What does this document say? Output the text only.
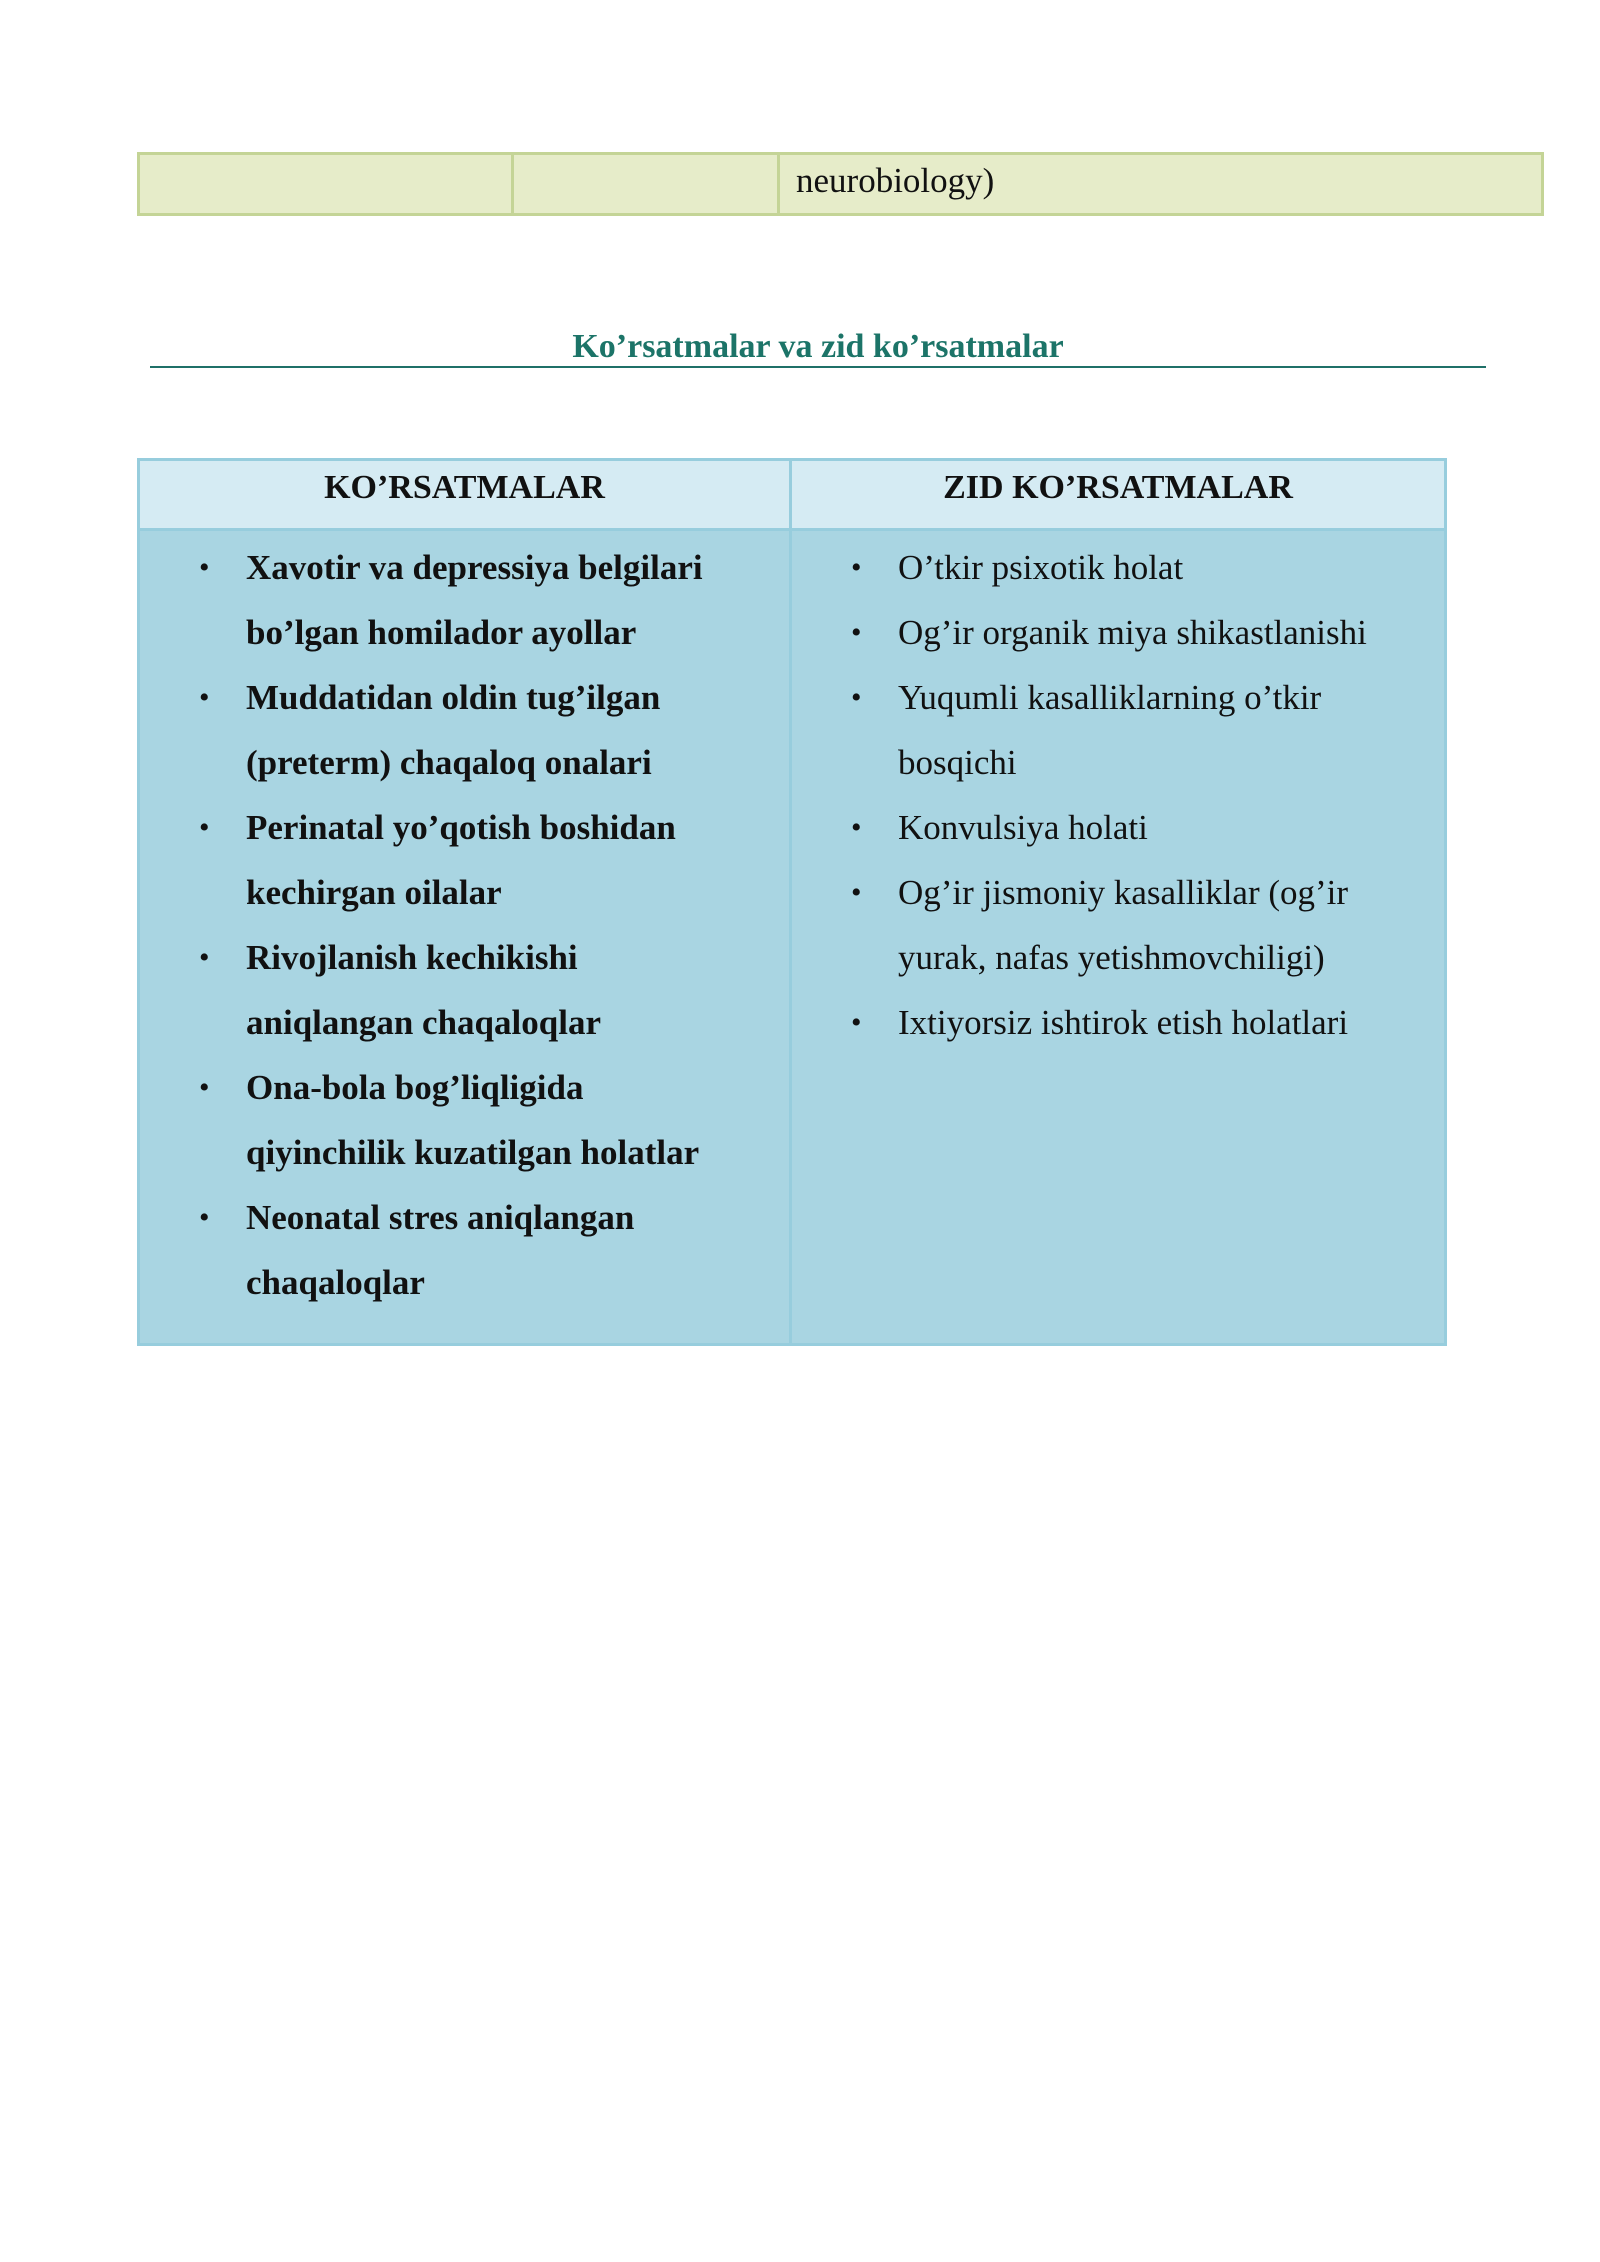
neurobiology)
Ko’rsatmalar va zid ko’rsatmalar
KO’RSATMALAR	ZID KO’RSATMALAR
• Xavotir va depressiya belgilari bo’lgan homilador ayollar
• Muddatidan oldin tug’ilgan (preterm) chaqaloq onalari
• Perinatal yo’qotish boshidan kechirgan oilalar
• Rivojlanish kechikishi aniqlangan chaqaloqlar
• Ona-bola bog’liqligida qiyinchilik kuzatilgan holatlar
• Neonatal stres aniqlangan chaqaloqlar
• O’tkir psixotik holat
• Og’ir organik miya shikastlanishi
• Yuqumli kasalliklarning o’tkir bosqichi
• Konvulsiya holati
• Og’ir jismoniy kasalliklar (og’ir yurak, nafas yetishmovchiligi)
• Ixtiyorsiz ishtirok etish holatlari
